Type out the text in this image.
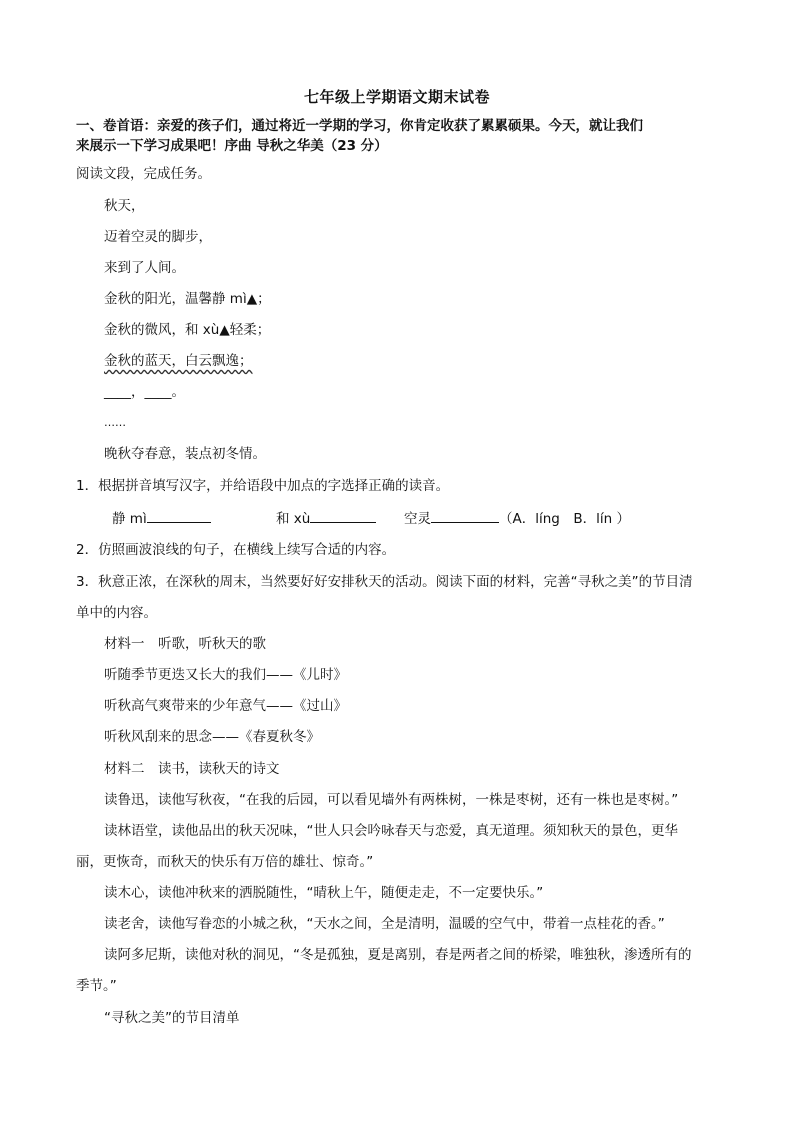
七年级上学期语文期末试卷
一、卷首语：亲爱的孩子们，通过将近一学期的学习，你肯定收获了累累硕果。今天，就让我们
来展示一下学习成果吧！序曲 导秋之华美（23 分）
阅读文段，完成任务。
秋天，
迈着空灵的脚步，
来到了人间。
金秋的阳光，温馨静 mì▲；
金秋的微风，和 xù▲轻柔；
金秋的蓝天，白云飘逸；
____，____。
……
晚秋夺春意，装点初冬情。
1．根据拼音填写汉字，并给语段中加点的字选择正确的读音。
静 mì	和 xù	空灵	（A．líng　B．lín ）
2．仿照画波浪线的句子，在横线上续写合适的内容。
3．秋意正浓，在深秋的周末，当然要好好安排秋天的活动。阅读下面的材料，完善“寻秋之美”的节目清
单中的内容。
材料一　听歌，听秋天的歌
听随季节更迭又长大的我们——《儿时》
听秋高气爽带来的少年意气——《过山》
听秋风刮来的思念——《春夏秋冬》
材料二　读书，读秋天的诗文
读鲁迅，读他写秋夜，“在我的后园，可以看见墙外有两株树，一株是枣树，还有一株也是枣树。”
读林语堂，读他品出的秋天况味，“世人只会吟咏春天与恋爱，真无道理。须知秋天的景色，更华
丽，更恢奇，而秋天的快乐有万倍的雄壮、惊奇。”
读木心，读他冲秋来的洒脱随性，“晴秋上午，随便走走，不一定要快乐。”
读老舍，读他写眷恋的小城之秋，“天水之间，全是清明，温暖的空气中，带着一点桂花的香。”
读阿多尼斯，读他对秋的洞见，“冬是孤独，夏是离别，春是两者之间的桥梁，唯独秋，渗透所有的
季节。”
“寻秋之美”的节目清单
